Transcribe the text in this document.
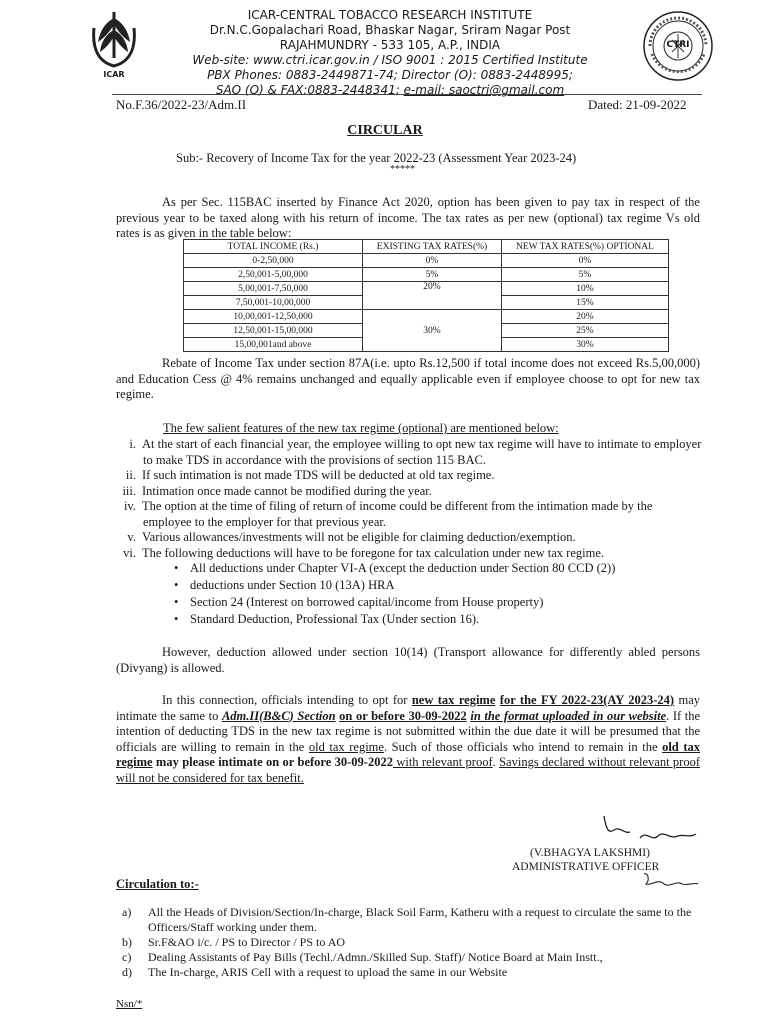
ICAR
CTRI
ICAR-CENTRAL TOBACCO RESEARCH INSTITUTE
Dr.N.C.Gopalachari Road, Bhaskar Nagar, Sriram Nagar Post
RAJAHMUNDRY - 533 105, A.P., INDIA
Web-site: www.ctri.icar.gov.in / ISO 9001 : 2015 Certified Institute
PBX Phones: 0883-2449871-74; Director (O): 0883-2448995;
SAO (O) & FAX:0883-2448341; e-mail: saoctri@gmail.com
No.F.36/2022-23/Adm.II	Dated: 21-09-2022
CIRCULAR
Sub:- Recovery of Income Tax for the year 2022-23 (Assessment Year 2023-24)
*****

As per Sec. 115BAC inserted by Finance Act 2020, option has been given to pay tax in respect of the previous year to be taxed along with his return of income. The tax rates as per new (optional) tax regime Vs old rates is as given in the table below:

TOTAL INCOME (Rs.)	EXISTING TAX RATES(%)	NEW TAX RATES(%) OPTIONAL
0-2,50,000	0%	0%
2,50,001-5,00,000	5%	5%
5,00,001-7,50,000	20%	10%
7,50,001-10,00,000		15%
10,00,001-12,50,000	30%	20%
12,50,001-15,00,000		25%
15,00,001and above		30%

Rebate of Income Tax under section 87A(i.e. upto Rs.12,500 if total income does not exceed Rs.5,00,000) and Education Cess @ 4% remains unchanged and equally applicable even if employee choose to opt for new tax regime.

The few salient features of the new tax regime (optional) are mentioned below:
i. At the start of each financial year, the employee willing to opt new tax regime will have to intimate to employer to make TDS in accordance with the provisions of section 115 BAC.
ii. If such intimation is not made TDS will be deducted at old tax regime.
iii. Intimation once made cannot be modified during the year.
iv. The option at the time of filing of return of income could be different from the intimation made by the employee to the employer for that previous year.
v. Various allowances/investments will not be eligible for claiming deduction/exemption.
vi. The following deductions will have to be foregone for tax calculation under new tax regime.
• All deductions under Chapter VI-A (except the deduction under Section 80 CCD (2))
• deductions under Section 10 (13A) HRA
• Section 24 (Interest on borrowed capital/income from House property)
• Standard Deduction, Professional Tax (Under section 16).

However, deduction allowed under section 10(14) (Transport allowance for differently abled persons (Divyang) is allowed.

In this connection, officials intending to opt for new tax regime for the FY 2022-23(AY 2023-24) may intimate the same to Adm.II(B&C) Section on or before 30-09-2022 in the format uploaded in our website. If the intention of deducting TDS in the new tax regime is not submitted within the due date it will be presumed that the officials are willing to remain in the old tax regime. Such of those officials who intend to remain in the old tax regime may please intimate on or before 30-09-2022 with relevant proof. Savings declared without relevant proof will not be considered for tax benefit.

(V.BHAGYA LAKSHMI)
ADMINISTRATIVE OFFICER
Circulation to:-
a) All the Heads of Division/Section/In-charge, Black Soil Farm, Katheru with a request to circulate the same to the Officers/Staff working under them.
b) Sr.F&AO i/c. / PS to Director / PS to AO
c) Dealing Assistants of Pay Bills (Techl./Admn./Skilled Sup. Staff)/ Notice Board at Main Instt.,
d) The In-charge, ARIS Cell with a request to upload the same in our Website
Nsn/*
